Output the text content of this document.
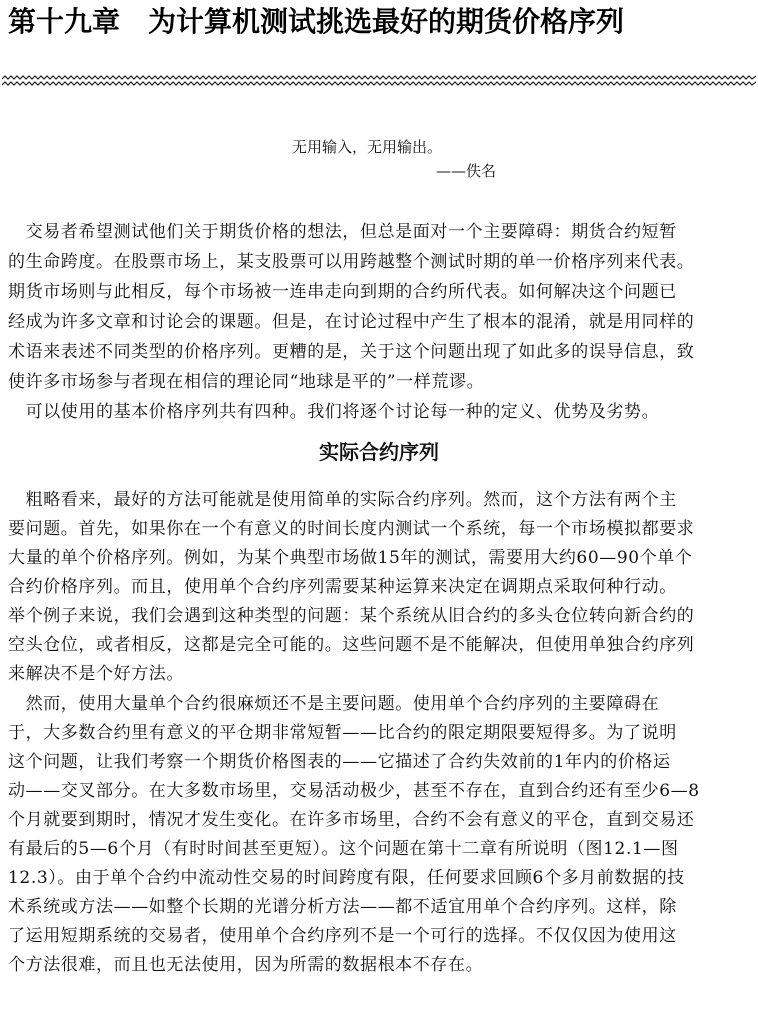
第十九章　为计算机测试挑选最好的期货价格序列
无用输入，无用输出。
——佚名
　交易者希望测试他们关于期货价格的想法，但总是面对一个主要障碍：期货合约短暂
的生命跨度。在股票市场上，某支股票可以用跨越整个测试时期的单一价格序列来代表。
期货市场则与此相反，每个市场被一连串走向到期的合约所代表。如何解决这个问题已
经成为许多文章和讨论会的课题。但是，在讨论过程中产生了根本的混淆，就是用同样的
术语来表述不同类型的价格序列。更糟的是，关于这个问题出现了如此多的误导信息，致
使许多市场参与者现在相信的理论同“地球是平的”一样荒谬。
　可以使用的基本价格序列共有四种。我们将逐个讨论每一种的定义、优势及劣势。
实际合约序列
　粗略看来，最好的方法可能就是使用简单的实际合约序列。然而，这个方法有两个主
要问题。首先，如果你在一个有意义的时间长度内测试一个系统，每一个市场模拟都要求
大量的单个价格序列。例如，为某个典型市场做15年的测试，需要用大约60—90个单个
合约价格序列。而且，使用单个合约序列需要某种运算来决定在调期点采取何种行动。
举个例子来说，我们会遇到这种类型的问题：某个系统从旧合约的多头仓位转向新合约的
空头仓位，或者相反，这都是完全可能的。这些问题不是不能解决，但使用单独合约序列
来解决不是个好方法。
　然而，使用大量单个合约很麻烦还不是主要问题。使用单个合约序列的主要障碍在
于，大多数合约里有意义的平仓期非常短暂——比合约的限定期限要短得多。为了说明
这个问题，让我们考察一个期货价格图表的——它描述了合约失效前的1年内的价格运
动——交叉部分。在大多数市场里，交易活动极少，甚至不存在，直到合约还有至少6—8
个月就要到期时，情况才发生变化。在许多市场里，合约不会有意义的平仓，直到交易还
有最后的5—6个月（有时时间甚至更短）。这个问题在第十二章有所说明（图12.1—图
12.3）。由于单个合约中流动性交易的时间跨度有限，任何要求回顾6个多月前数据的技
术系统或方法——如整个长期的光谱分析方法——都不适宜用单个合约序列。这样，除
了运用短期系统的交易者，使用单个合约序列不是一个可行的选择。不仅仅因为使用这
个方法很难，而且也无法使用，因为所需的数据根本不存在。
